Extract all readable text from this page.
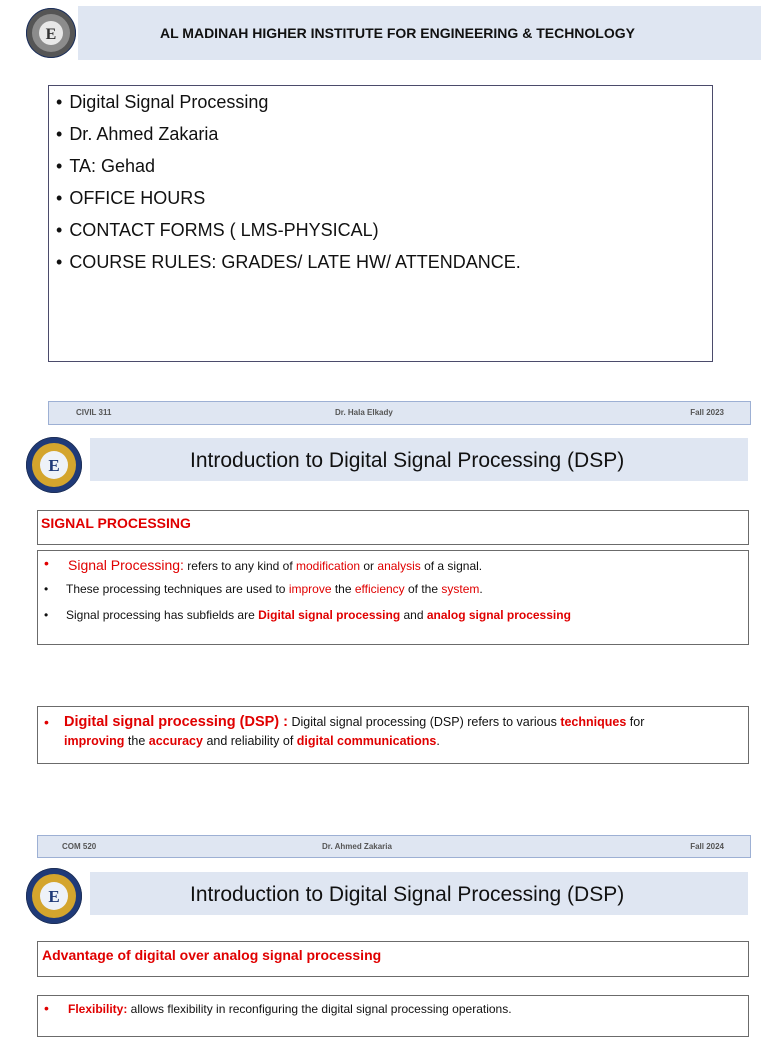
E	AL MADINAH HIGHER INSTITUTE FOR ENGINEERING & TECHNOLOGY
• Digital Signal Processing
• Dr. Ahmed Zakaria
• TA: Gehad
• OFFICE HOURS
• CONTACT FORMS ( LMS-PHYSICAL)
• COURSE RULES: GRADES/ LATE HW/ ATTENDANCE.
CIVIL 311	Dr. Hala Elkady	Fall 2023
E	Introduction to Digital Signal Processing (DSP)
SIGNAL PROCESSING
• Signal Processing: refers to any kind of modification or analysis of a signal.
• These processing techniques are used to improve the efficiency of the system.
• Signal processing has subfields are Digital signal processing and analog signal processing
• Digital signal processing (DSP) : Digital signal processing (DSP) refers to various techniques for
improving the accuracy and reliability of digital communications.
COM 520	Dr. Ahmed Zakaria	Fall 2024
E	Introduction to Digital Signal Processing (DSP)
Advantage of digital over analog signal processing
• Flexibility: allows flexibility in reconfiguring the digital signal processing operations.
